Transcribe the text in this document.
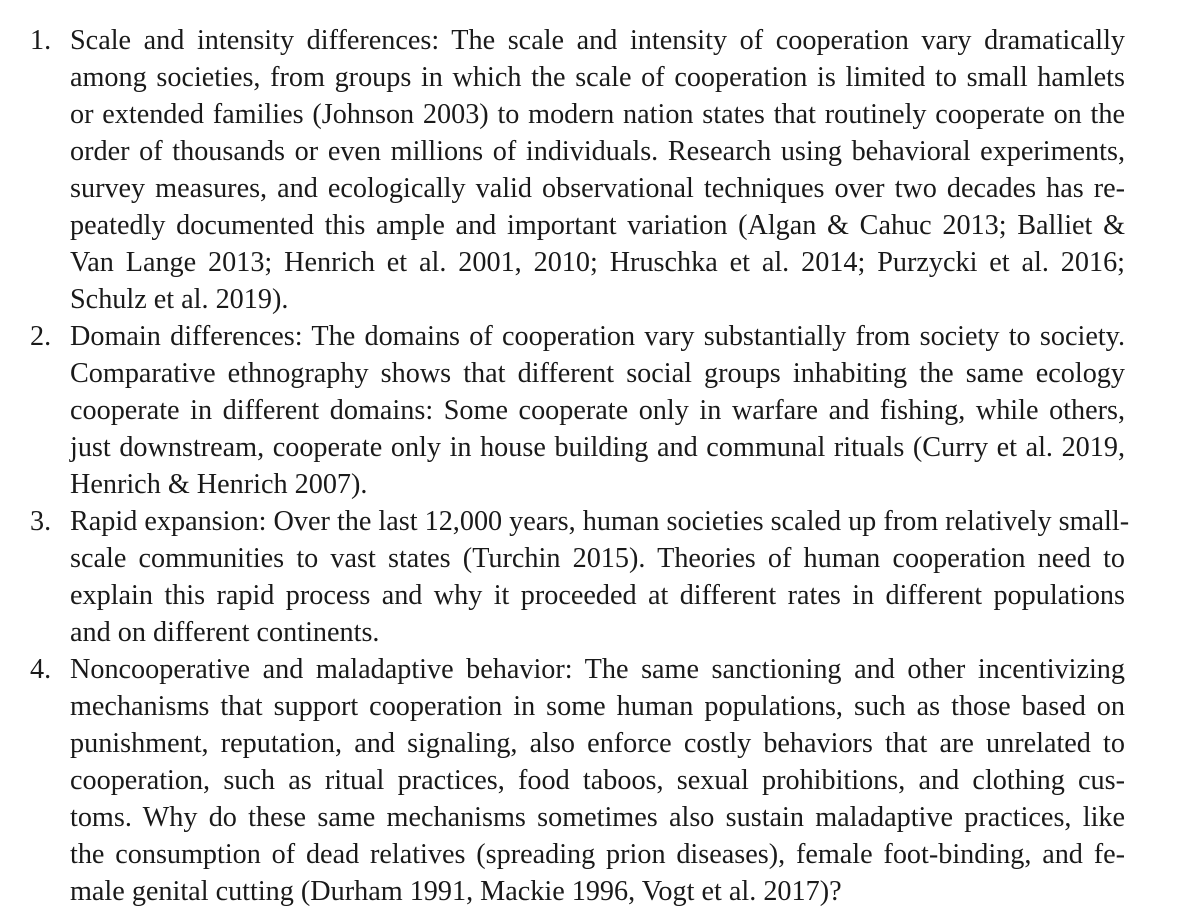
1. Scale and intensity differences: The scale and intensity of cooperation vary dramatically
among societies, from groups in which the scale of cooperation is limited to small hamlets
or extended families (Johnson 2003) to modern nation states that routinely cooperate on the
order of thousands or even millions of individuals. Research using behavioral experiments,
survey measures, and ecologically valid observational techniques over two decades has re-
peatedly documented this ample and important variation (Algan & Cahuc 2013; Balliet &
Van Lange 2013; Henrich et al. 2001, 2010; Hruschka et al. 2014; Purzycki et al. 2016;
Schulz et al. 2019).
2. Domain differences: The domains of cooperation vary substantially from society to society.
Comparative ethnography shows that different social groups inhabiting the same ecology
cooperate in different domains: Some cooperate only in warfare and fishing, while others,
just downstream, cooperate only in house building and communal rituals (Curry et al. 2019,
Henrich & Henrich 2007).
3. Rapid expansion: Over the last 12,000 years, human societies scaled up from relatively small-
scale communities to vast states (Turchin 2015). Theories of human cooperation need to
explain this rapid process and why it proceeded at different rates in different populations
and on different continents.
4. Noncooperative and maladaptive behavior: The same sanctioning and other incentivizing
mechanisms that support cooperation in some human populations, such as those based on
punishment, reputation, and signaling, also enforce costly behaviors that are unrelated to
cooperation, such as ritual practices, food taboos, sexual prohibitions, and clothing cus-
toms. Why do these same mechanisms sometimes also sustain maladaptive practices, like
the consumption of dead relatives (spreading prion diseases), female foot-binding, and fe-
male genital cutting (Durham 1991, Mackie 1996, Vogt et al. 2017)?
